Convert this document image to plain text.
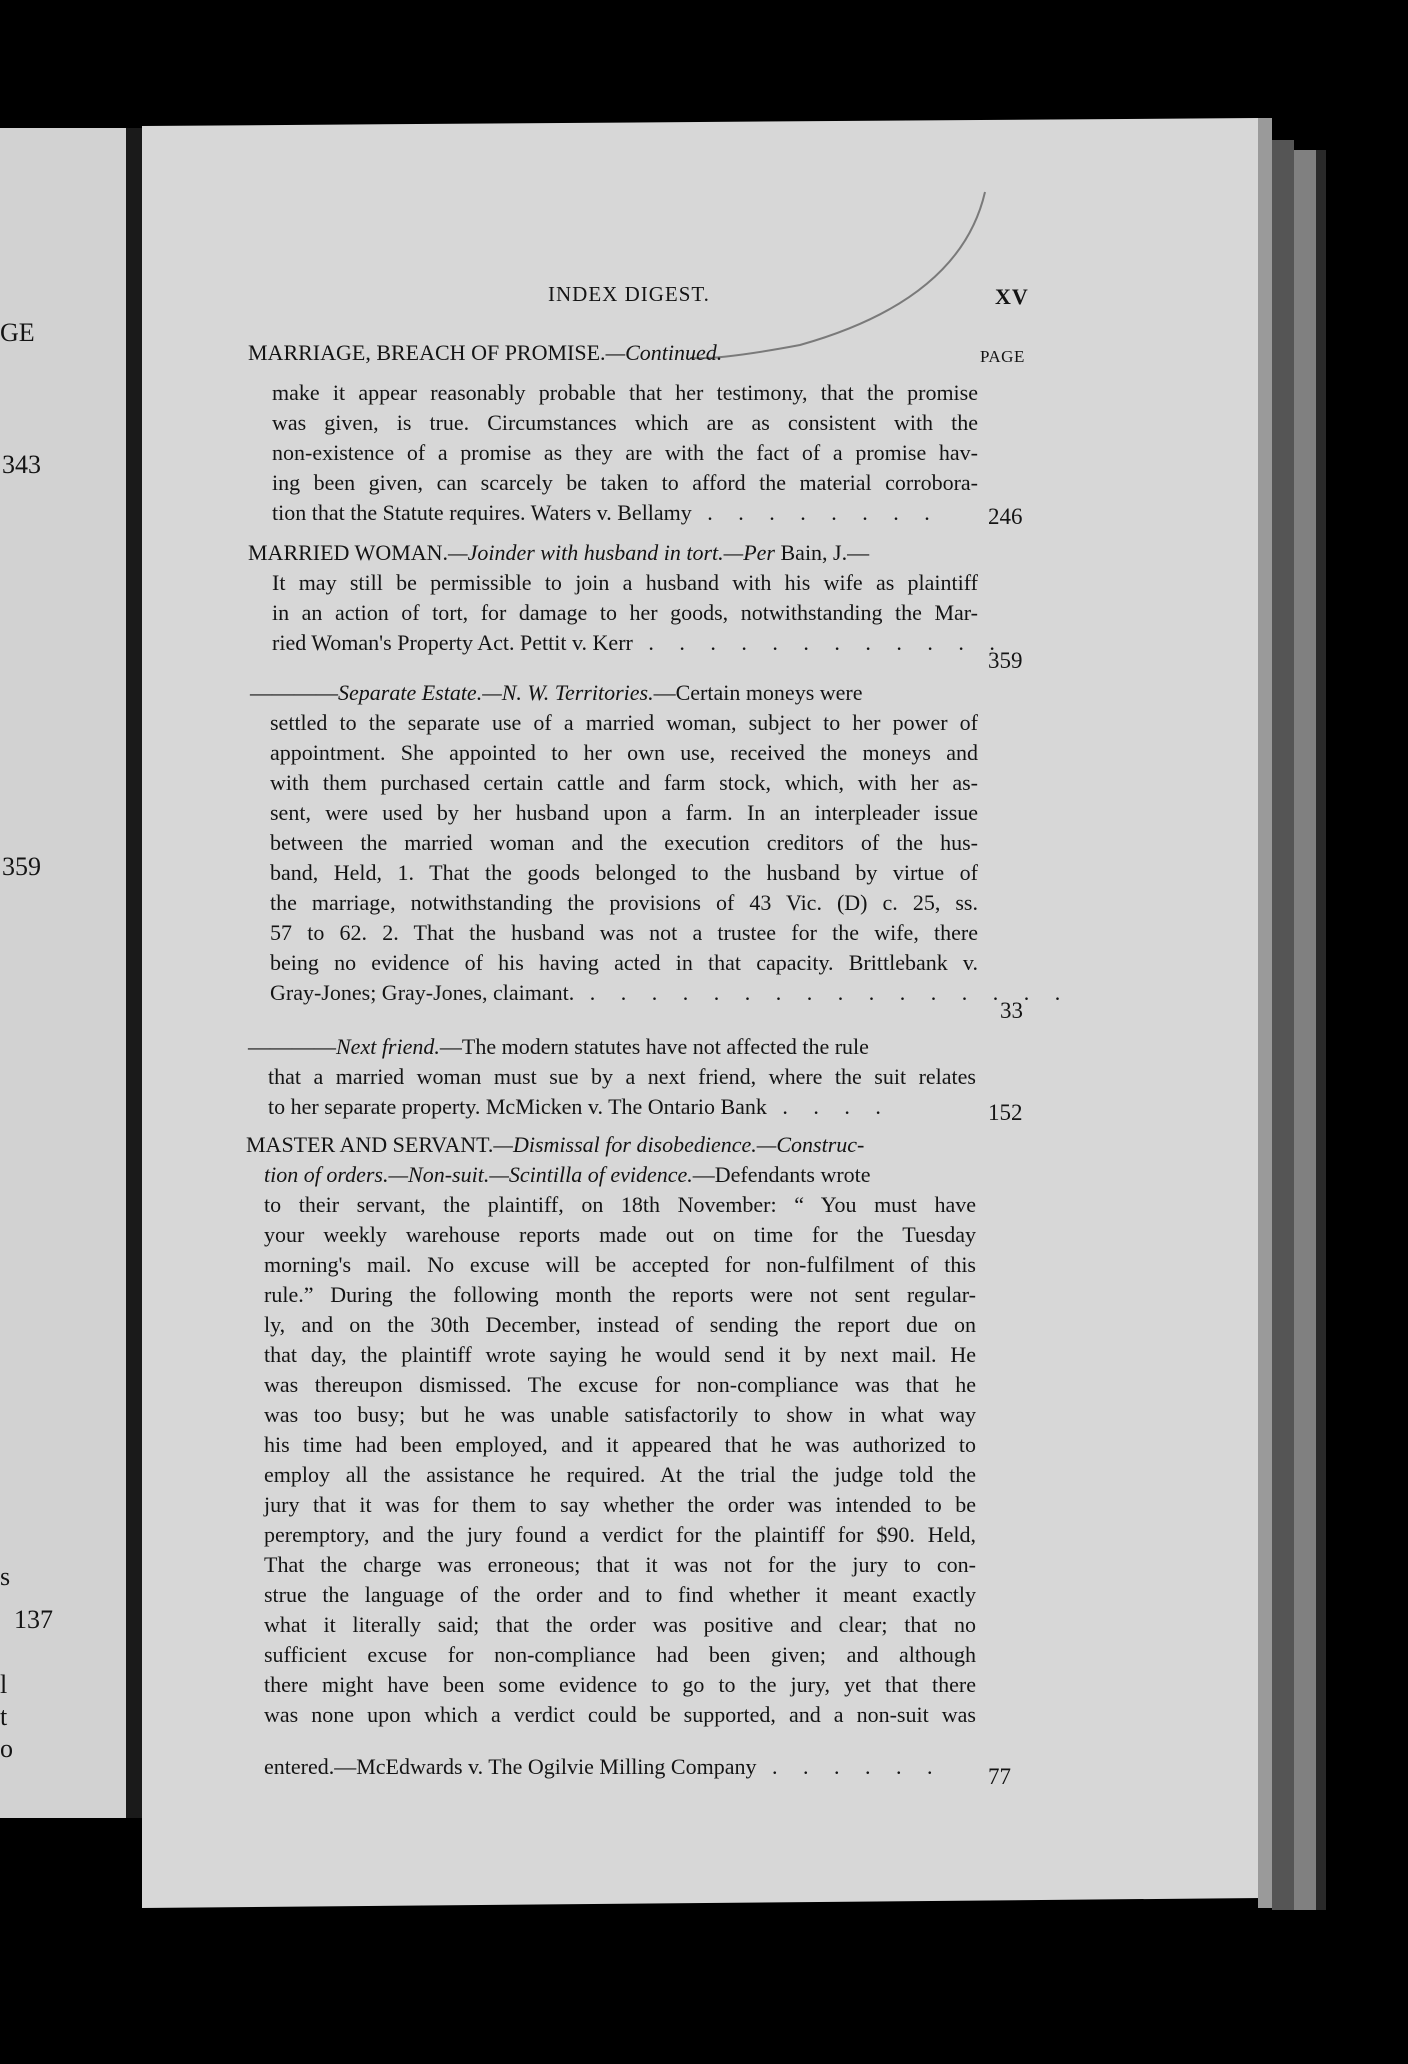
GE
343
359
137
s
l
t
o
INDEX DIGEST.	XV
PAGE
MARRIAGE, BREACH OF PROMISE.—Continued.
make it appear reasonably probable that her testimony, that the promise
was given, is true. Circumstances which are as consistent with the
non-existence of a promise as they are with the fact of a promise hav-
ing been given, can scarcely be taken to afford the material corrobora-
tion that the Statute requires. Waters v. Bellamy . . . . . . . . 246
MARRIED WOMAN.—Joinder with husband in tort.—Per Bain, J.—
It may still be permissible to join a husband with his wife as plaintiff
in an action of tort, for damage to her goods, notwithstanding the Mar-
ried Woman's Property Act. Pettit v. Kerr . . . . . . . . . . . .
359
————Separate Estate.—N. W. Territories.—Certain moneys were
settled to the separate use of a married woman, subject to her power of
appointment. She appointed to her own use, received the moneys and
with them purchased certain cattle and farm stock, which, with her as-
sent, were used by her husband upon a farm. In an interpleader issue
between the married woman and the execution creditors of the hus-
band, Held, 1. That the goods belonged to the husband by virtue of
the marriage, notwithstanding the provisions of 43 Vic. (D) c. 25, ss.
57 to 62. 2. That the husband was not a trustee for the wife, there
being no evidence of his having acted in that capacity. Brittlebank v.
Gray-Jones; Gray-Jones, claimant. . . . . . . . . . . . . . . . .
33
————Next friend.—The modern statutes have not affected the rule
that a married woman must sue by a next friend, where the suit relates
to her separate property. McMicken v. The Ontario Bank . . . .	152
MASTER AND SERVANT.—Dismissal for disobedience.—Construc-
tion of orders.—Non-suit.—Scintilla of evidence.—Defendants wrote
to their servant, the plaintiff, on 18th November: “ You must have
your weekly warehouse reports made out on time for the Tuesday
morning's mail. No excuse will be accepted for non-fulfilment of this
rule.” During the following month the reports were not sent regular-
ly, and on the 30th December, instead of sending the report due on
that day, the plaintiff wrote saying he would send it by next mail. He
was thereupon dismissed. The excuse for non-compliance was that he
was too busy; but he was unable satisfactorily to show in what way
his time had been employed, and it appeared that he was authorized to
employ all the assistance he required. At the trial the judge told the
jury that it was for them to say whether the order was intended to be
peremptory, and the jury found a verdict for the plaintiff for $90. Held,
That the charge was erroneous; that it was not for the jury to con-
strue the language of the order and to find whether it meant exactly
what it literally said; that the order was positive and clear; that no
sufficient excuse for non-compliance had been given; and although
there might have been some evidence to go to the jury, yet that there
was none upon which a verdict could be supported, and a non-suit was
entered.—McEdwards v. The Ogilvie Milling Company . . . . . . 77
